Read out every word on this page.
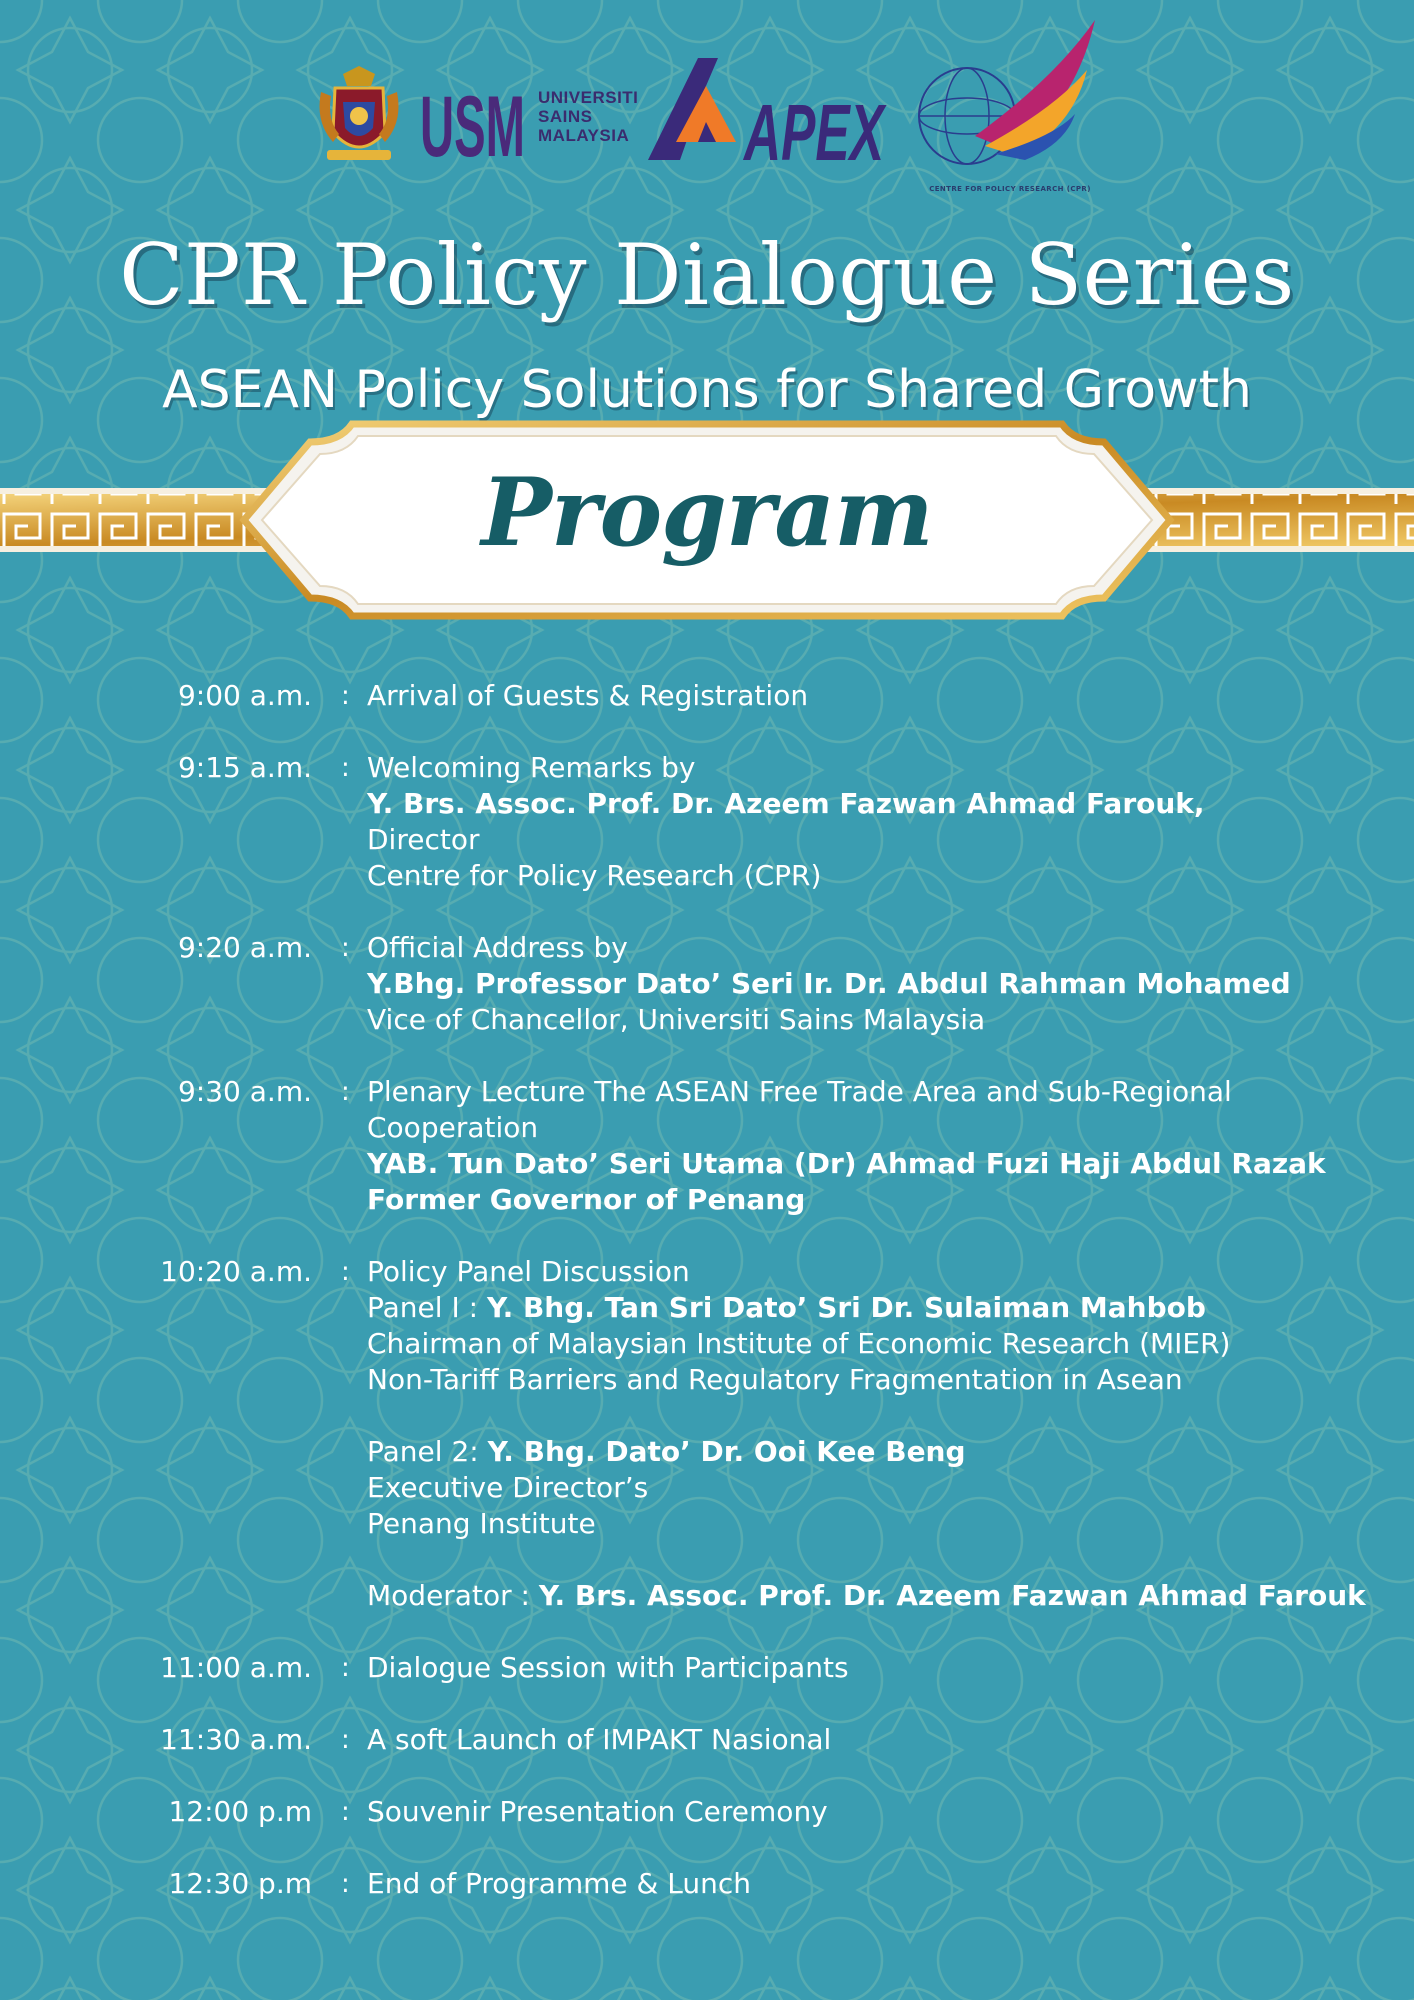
USM UNIVERSITI
SAINS
MALAYSIA APEX
CENTRE FOR POLICY RESEARCH (CPR)
CPR Policy Dialogue Series
ASEAN Policy Solutions for Shared Growth
Program
9:00 a.m. : Arrival of Guests & Registration
9:15 a.m. : Welcoming Remarks by
Y. Brs. Assoc. Prof. Dr. Azeem Fazwan Ahmad Farouk,
Director
Centre for Policy Research (CPR)
9:20 a.m. : Official Address by
Y.Bhg. Professor Dato’ Seri Ir. Dr. Abdul Rahman Mohamed
Vice of Chancellor, Universiti Sains Malaysia
9:30 a.m. : Plenary Lecture The ASEAN Free Trade Area and Sub-Regional
Cooperation
YAB. Tun Dato’ Seri Utama (Dr) Ahmad Fuzi Haji Abdul Razak
Former Governor of Penang
10:20 a.m. : Policy Panel Discussion
Panel I : Y. Bhg. Tan Sri Dato’ Sri Dr. Sulaiman Mahbob
Chairman of Malaysian Institute of Economic Research (MIER)
Non-Tariff Barriers and Regulatory Fragmentation in Asean
Panel 2: Y. Bhg. Dato’ Dr. Ooi Kee Beng
Executive Director’s
Penang Institute
Moderator : Y. Brs. Assoc. Prof. Dr. Azeem Fazwan Ahmad Farouk
11:00 a.m. : Dialogue Session with Participants
11:30 a.m. : A soft Launch of IMPAKT Nasional
12:00 p.m : Souvenir Presentation Ceremony
12:30 p.m : End of Programme & Lunch
